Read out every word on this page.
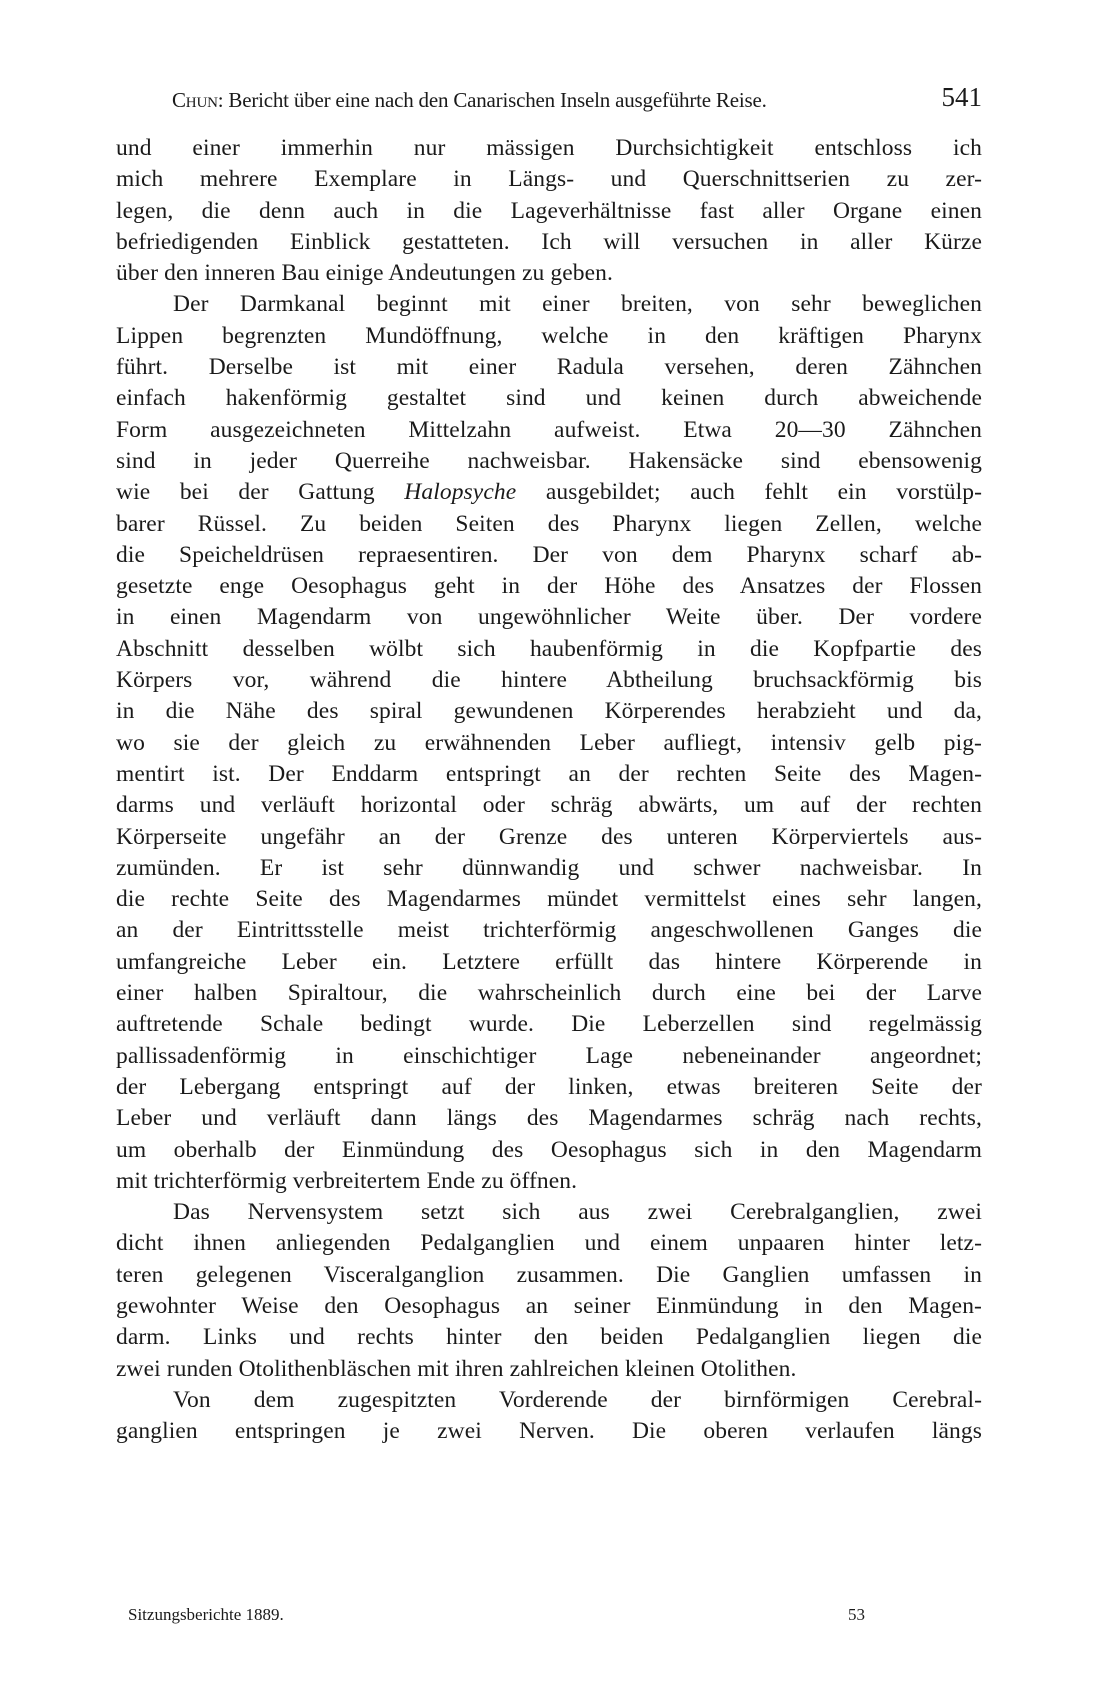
Chun: Bericht über eine nach den Canarischen Inseln ausgeführte Reise.	541
und einer immerhin nur mässigen Durchsichtigkeit entschloss ich
mich mehrere Exemplare in Längs- und Querschnittserien zu zer-
legen, die denn auch in die Lageverhältnisse fast aller Organe einen
befriedigenden Einblick gestatteten. Ich will versuchen in aller Kürze
über den inneren Bau einige Andeutungen zu geben.
Der Darmkanal beginnt mit einer breiten, von sehr beweglichen
Lippen begrenzten Mundöffnung, welche in den kräftigen Pharynx
führt. Derselbe ist mit einer Radula versehen, deren Zähnchen
einfach hakenförmig gestaltet sind und keinen durch abweichende
Form ausgezeichneten Mittelzahn aufweist. Etwa 20—30 Zähnchen
sind in jeder Querreihe nachweisbar. Hakensäcke sind ebensowenig
wie bei der Gattung Halopsyche ausgebildet; auch fehlt ein vorstülp-
barer Rüssel. Zu beiden Seiten des Pharynx liegen Zellen, welche
die Speicheldrüsen repraesentiren. Der von dem Pharynx scharf ab-
gesetzte enge Oesophagus geht in der Höhe des Ansatzes der Flossen
in einen Magendarm von ungewöhnlicher Weite über. Der vordere
Abschnitt desselben wölbt sich haubenförmig in die Kopfpartie des
Körpers vor, während die hintere Abtheilung bruchsackförmig bis
in die Nähe des spiral gewundenen Körperendes herabzieht und da,
wo sie der gleich zu erwähnenden Leber aufliegt, intensiv gelb pig-
mentirt ist. Der Enddarm entspringt an der rechten Seite des Magen-
darms und verläuft horizontal oder schräg abwärts, um auf der rechten
Körperseite ungefähr an der Grenze des unteren Körperviertels aus-
zumünden. Er ist sehr dünnwandig und schwer nachweisbar. In
die rechte Seite des Magendarmes mündet vermittelst eines sehr langen,
an der Eintrittsstelle meist trichterförmig angeschwollenen Ganges die
umfangreiche Leber ein. Letztere erfüllt das hintere Körperende in
einer halben Spiraltour, die wahrscheinlich durch eine bei der Larve
auftretende Schale bedingt wurde. Die Leberzellen sind regelmässig
pallissadenförmig in einschichtiger Lage nebeneinander angeordnet;
der Lebergang entspringt auf der linken, etwas breiteren Seite der
Leber und verläuft dann längs des Magendarmes schräg nach rechts,
um oberhalb der Einmündung des Oesophagus sich in den Magendarm
mit trichterförmig verbreitertem Ende zu öffnen.
Das Nervensystem setzt sich aus zwei Cerebralganglien, zwei
dicht ihnen anliegenden Pedalganglien und einem unpaaren hinter letz-
teren gelegenen Visceralganglion zusammen. Die Ganglien umfassen in
gewohnter Weise den Oesophagus an seiner Einmündung in den Magen-
darm. Links und rechts hinter den beiden Pedalganglien liegen die
zwei runden Otolithenbläschen mit ihren zahlreichen kleinen Otolithen.
Von dem zugespitzten Vorderende der birnförmigen Cerebral-
ganglien entspringen je zwei Nerven. Die oberen verlaufen längs
Sitzungsberichte 1889.	53
